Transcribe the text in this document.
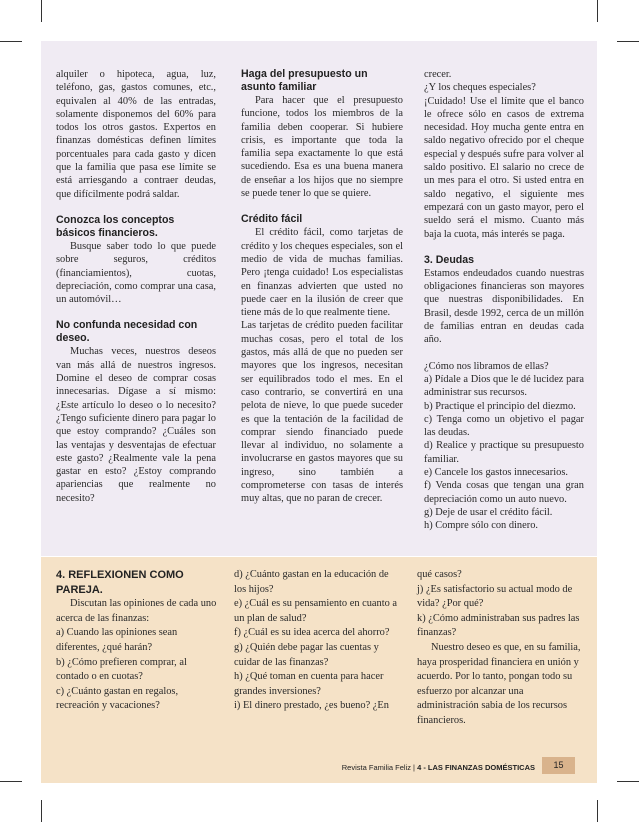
alquiler o hipoteca, agua, luz, teléfono, gas, gastos comunes, etc., equivalen al 40% de las entradas, solamente disponemos del 60% para todos los otros gastos. Expertos en finanzas domésticas definen límites porcentuales para cada gasto y dicen que la familia que pasa ese límite se está arriesgando a contraer deudas, que difícilmente podrá saldar.

Conozca los conceptos básicos financieros.

Busque saber todo lo que puede sobre seguros, créditos (financiamientos), cuotas, depreciación, como comprar una casa, un automóvil…

No confunda necesidad con deseo.

Muchas veces, nuestros deseos van más allá de nuestros ingresos. Domine el deseo de comprar cosas innecesarias. Dígase a sí mismo: ¿Este artículo lo deseo o lo necesito? ¿Tengo suficiente dinero para pagar lo que estoy comprando? ¿Cuáles son las ventajas y desventajas de efectuar este gasto? ¿Realmente vale la pena gastar en esto? ¿Estoy comprando apariencias que realmente no necesito?

Haga del presupuesto un asunto familiar

Para hacer que el presupuesto funcione, todos los miembros de la familia deben cooperar. Si hubiere crisis, es importante que toda la familia sepa exactamente lo que está sucediendo. Esa es una buena manera de enseñar a los hijos que no siempre se puede tener lo que se quiere.

Crédito fácil

El crédito fácil, como tarjetas de crédito y los cheques especiales, son el medio de vida de muchas familias. Pero ¡tenga cuidado! Los especialistas en finanzas advierten que usted no puede caer en la ilusión de creer que tiene más de lo que realmente tiene.

Las tarjetas de crédito pueden facilitar muchas cosas, pero el total de los gastos, más allá de que no pueden ser mayores que los ingresos, necesitan ser equilibrados todo el mes. En el caso contrario, se convertirá en una pelota de nieve, lo que puede suceder es que la tentación de la facilidad de comprar siendo financiado puede llevar al individuo, no solamente a involucrarse en gastos mayores que su ingreso, sino también a comprometerse con tasas de interés muy altas, que no paran de crecer.

crecer.

¿Y los cheques especiales?

¡Cuidado! Use el límite que el banco le ofrece sólo en casos de extrema necesidad. Hoy mucha gente entra en saldo negativo ofrecido por el cheque especial y después sufre para volver al saldo positivo. El salario no crece de un mes para el otro. Si usted entra en saldo negativo, el siguiente mes empezará con un gasto mayor, pero el sueldo será el mismo. Cuanto más baja la cuota, más interés se paga.

3. Deudas

Estamos endeudados cuando nuestras obligaciones financieras son mayores que nuestras disponibilidades. En Brasil, desde 1992, cerca de un millón de familias entran en deudas cada año.

¿Cómo nos libramos de ellas?

a) Pídale a Dios que le dé lucidez para administrar sus recursos.

b) Practique el principio del diezmo.

c) Tenga como un objetivo el pagar las deudas.

d) Realice y practique su presupuesto familiar.

e) Cancele los gastos innecesarios.

f) Venda cosas que tengan una gran depreciación como un auto nuevo.

g) Deje de usar el crédito fácil.

h) Compre sólo con dinero.

4. REFLEXIONEN COMO PAREJA.

Discutan las opiniones de cada uno acerca de las finanzas:

a) Cuando las opiniones sean diferentes, ¿qué harán?

b) ¿Cómo prefieren comprar, al contado o en cuotas?

c) ¿Cuánto gastan en regalos, recreación y vacaciones?

d) ¿Cuánto gastan en la educación de los hijos?

e) ¿Cuál es su pensamiento en cuanto a un plan de salud?

f) ¿Cuál es su idea acerca del ahorro?

g) ¿Quién debe pagar las cuentas y cuidar de las finanzas?

h) ¿Qué toman en cuenta para hacer grandes inversiones?

i) El dinero prestado, ¿es bueno? ¿En

qué casos?

j) ¿Es satisfactorio su actual modo de vida? ¿Por qué?

k) ¿Cómo administraban sus padres las finanzas?

Nuestro deseo es que, en su familia, haya prosperidad financiera en unión y acuerdo. Por lo tanto, pongan todo su esfuerzo por alcanzar una administración sabia de los recursos financieros.

Revista Familia Feliz | 4 - LAS FINANZAS DOMÉSTICAS	15
